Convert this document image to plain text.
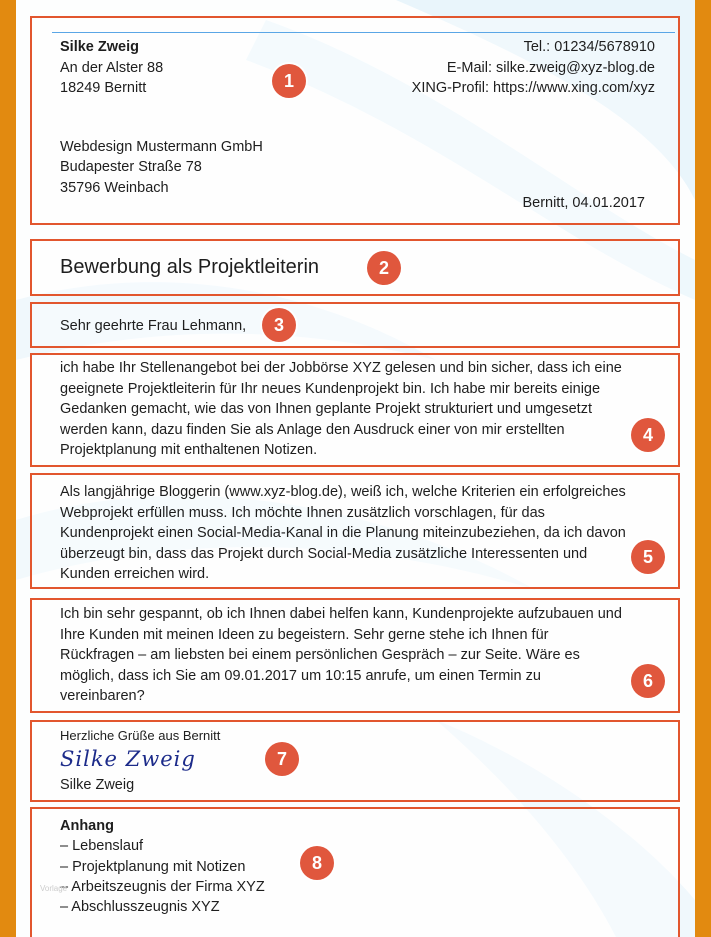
Silke Zweig
An der Alster 88
18249 Bernitt
Tel.: 01234/5678910
E-Mail: silke.zweig@xyz-blog.de
XING-Profil: https://www.xing.com/xyz
Webdesign Mustermann GmbH
Budapester Straße 78
35796 Weinbach
Bernitt, 04.01.2017
1
Bewerbung als Projektleiterin	2
Sehr geehrte Frau Lehmann,	3
ich habe Ihr Stellenangebot bei der Jobbörse XYZ gelesen und bin sicher, dass ich eine geeignete Projektleiterin für Ihr neues Kundenprojekt bin. Ich habe mir bereits einige Gedanken gemacht, wie das von Ihnen geplante Projekt strukturiert und umgesetzt werden kann, dazu finden Sie als Anlage den Ausdruck einer von mir erstellten Projektplanung mit enthaltenen Notizen.
4
Als langjährige Bloggerin (www.xyz-blog.de), weiß ich, welche Kriterien ein erfolgreiches Webprojekt erfüllen muss. Ich möchte Ihnen zusätzlich vorschlagen, für das Kundenprojekt einen Social-Media-Kanal in die Planung miteinzubeziehen, da ich davon überzeugt bin, dass das Projekt durch Social-Media zusätzliche Interessenten und Kunden erreichen wird.
5
Ich bin sehr gespannt, ob ich Ihnen dabei helfen kann, Kundenprojekte aufzubauen und Ihre Kunden mit meinen Ideen zu begeistern. Sehr gerne stehe ich Ihnen für Rückfragen – am liebsten bei einem persönlichen Gespräch – zur Seite. Wäre es möglich, dass ich Sie am 09.01.2017 um 10:15 anrufe, um einen Termin zu vereinbaren?
6
Herzliche Grüße aus Bernitt
Silke Zweig
Silke Zweig
7
Anhang
– Lebenslauf
– Projektplanung mit Notizen
– Arbeitszeugnis der Firma XYZ
– Abschlusszeugnis XYZ
Vorlage
8
